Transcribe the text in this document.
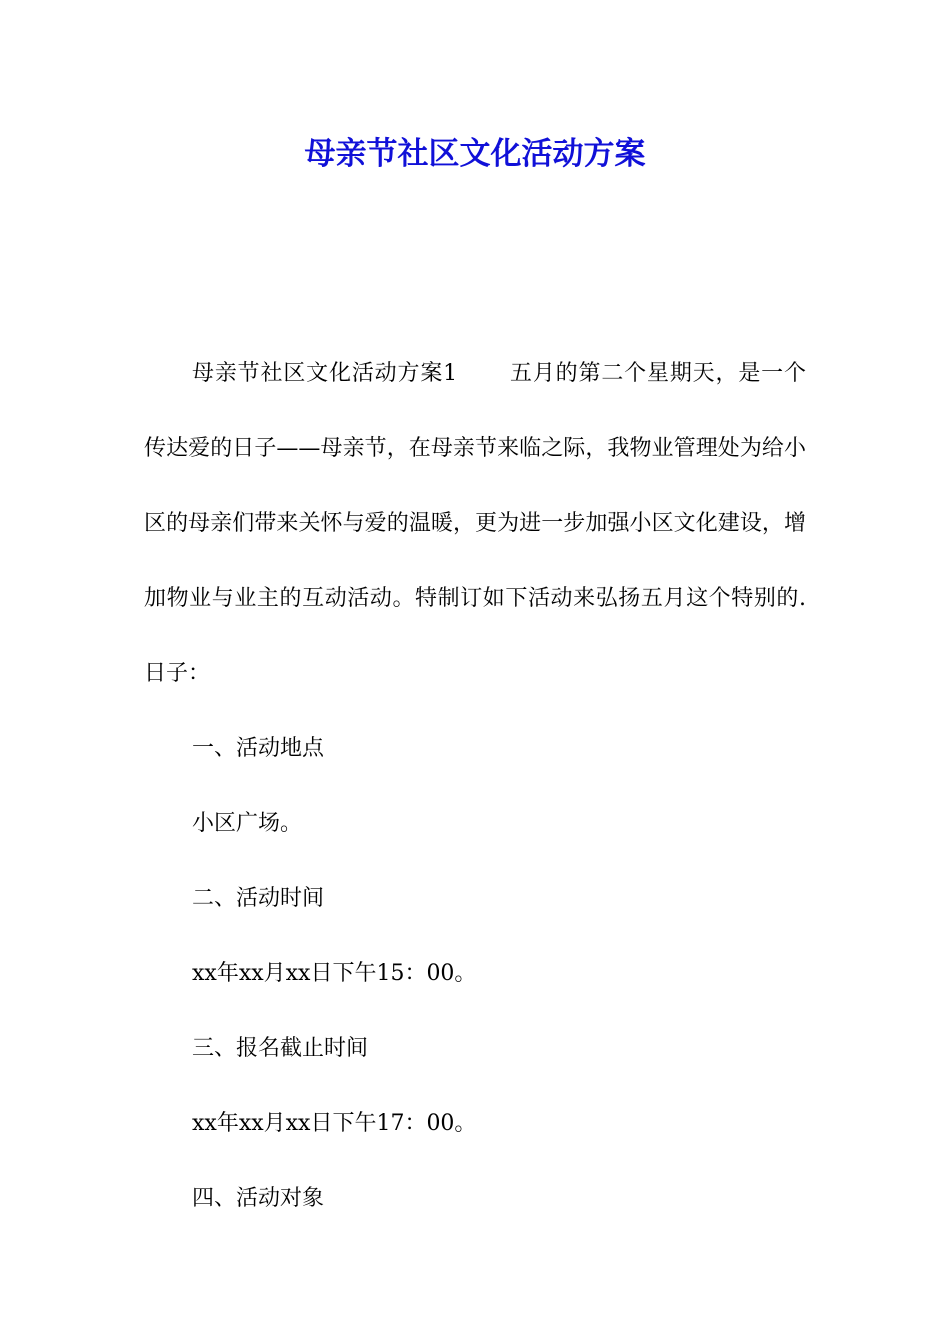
母亲节社区文化活动方案

母亲节社区文化活动方案1 五月的第二个星期天，是一个传达爱的日子——母亲节，在母亲节来临之际，我物业管理处为给小区的母亲们带来关怀与爱的温暖，更为进一步加强小区文化建设，增加物业与业主的互动活动。特制订如下活动来弘扬五月这个特别的.日子：

一、活动地点

小区广场。

二、活动时间

xx年xx月xx日下午15：00。

三、报名截止时间

xx年xx月xx日下午17：00。

四、活动对象
